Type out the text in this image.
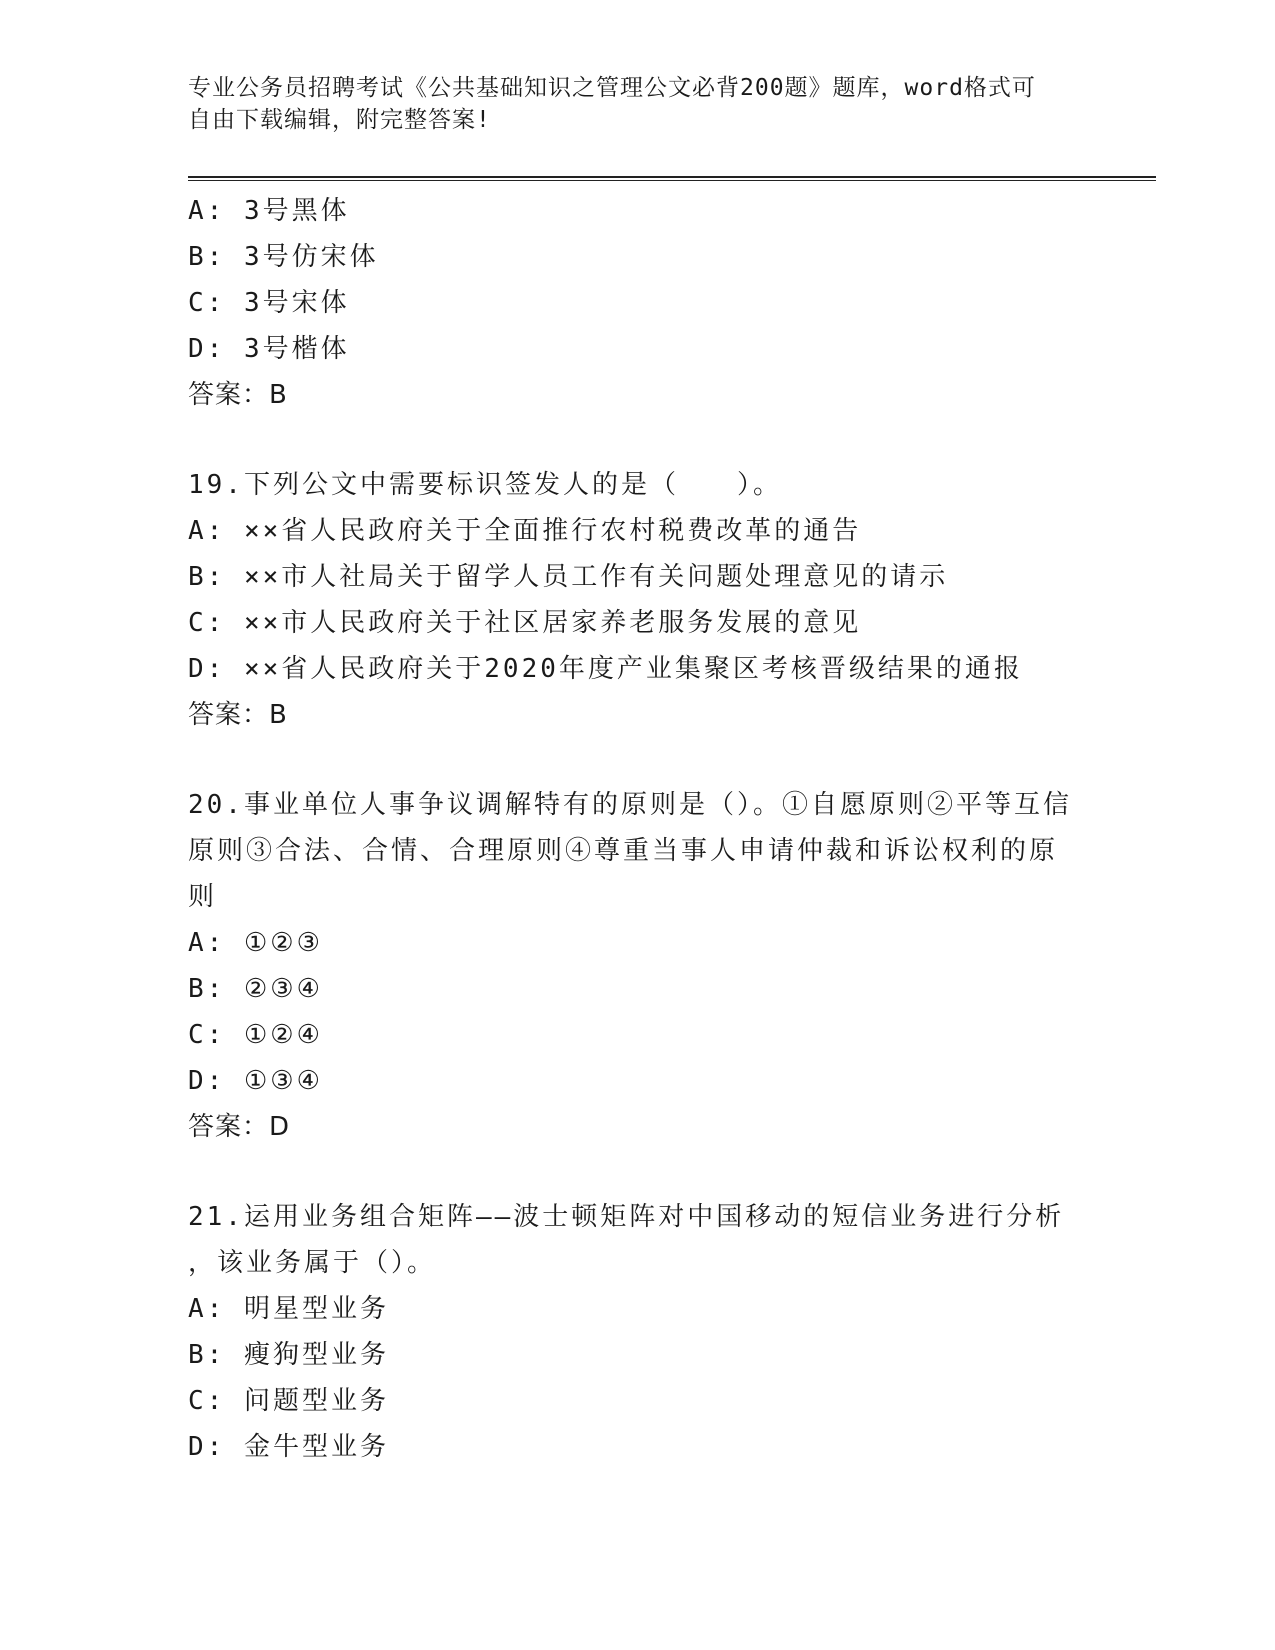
专业公务员招聘考试《公共基础知识之管理公文必背200题》题库，word格式可

自由下载编辑，附完整答案!

A: 3号黑体
B: 3号仿宋体
C: 3号宋体
D: 3号楷体
答案：B
19.下列公文中需要标识签发人的是（　　）。
A: ××省人民政府关于全面推行农村税费改革的通告
B: ××市人社局关于留学人员工作有关问题处理意见的请示
C: ××市人民政府关于社区居家养老服务发展的意见
D: ××省人民政府关于2020年度产业集聚区考核晋级结果的通报
答案：B
20.事业单位人事争议调解特有的原则是（）。①自愿原则②平等互信
原则③合法、合情、合理原则④尊重当事人申请仲裁和诉讼权利的原
则
A: ①②③
B: ②③④
C: ①②④
D: ①③④
答案：D
21.运用业务组合矩阵——波士顿矩阵对中国移动的短信业务进行分析
，该业务属于（）。
A: 明星型业务
B: 瘦狗型业务
C: 问题型业务
D: 金牛型业务
